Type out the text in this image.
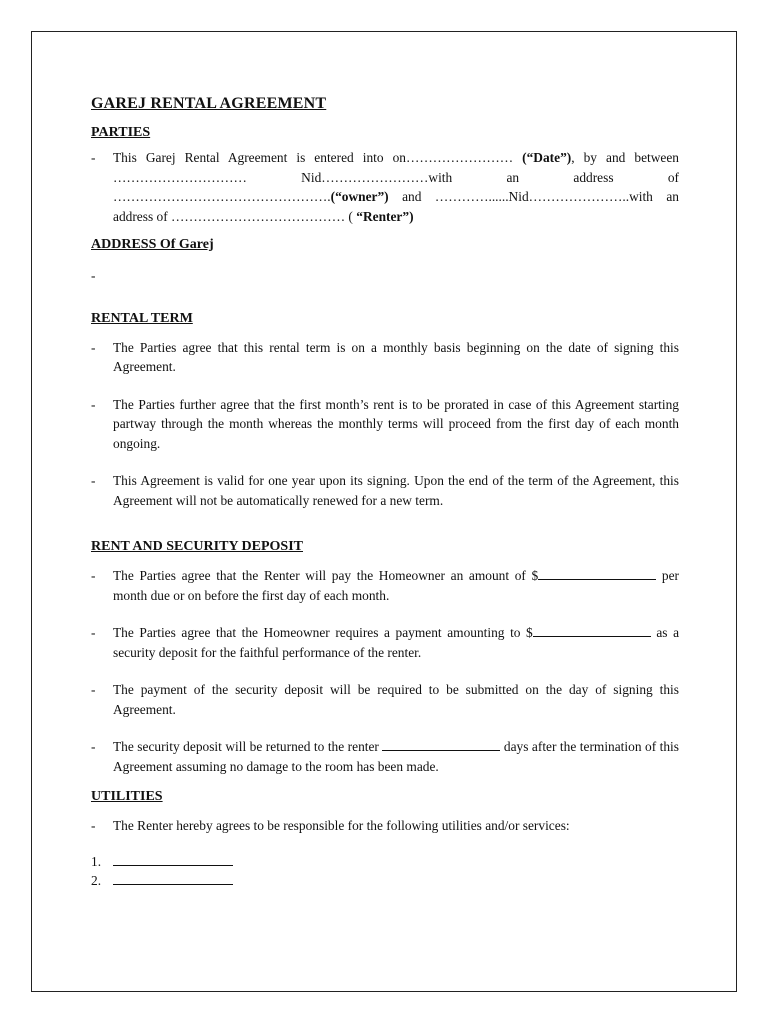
GAREJ RENTAL AGREEMENT
PARTIES
- This Garej Rental Agreement is entered into on…………………… (“Date”), by and between ………………………… Nid……………………with an address of ………………………………………….(“owner”) and …………......Nid…………………..with an address of ………………………………… ( “Renter”)
ADDRESS Of Garej
-

RENTAL TERM
- The Parties agree that this rental term is on a monthly basis beginning on the date of signing this Agreement.
- The Parties further agree that the first month’s rent is to be prorated in case of this Agreement starting partway through the month whereas the monthly terms will proceed from the first day of each month ongoing.
- This Agreement is valid for one year upon its signing. Upon the end of the term of the Agreement, this Agreement will not be automatically renewed for a new term.
RENT AND SECURITY DEPOSIT
- The Parties agree that the Renter will pay the Homeowner an amount of $	per month due or on before the first day of each month.
- The Parties agree that the Homeowner requires a payment amounting to $	as a security deposit for the faithful performance of the renter.
- The payment of the security deposit will be required to be submitted on the day of signing this Agreement.
- The security deposit will be returned to the renter	days after the termination of this Agreement assuming no damage to the room has been made.
UTILITIES
- The Renter hereby agrees to be responsible for the following utilities and/or services:
1.
2.
